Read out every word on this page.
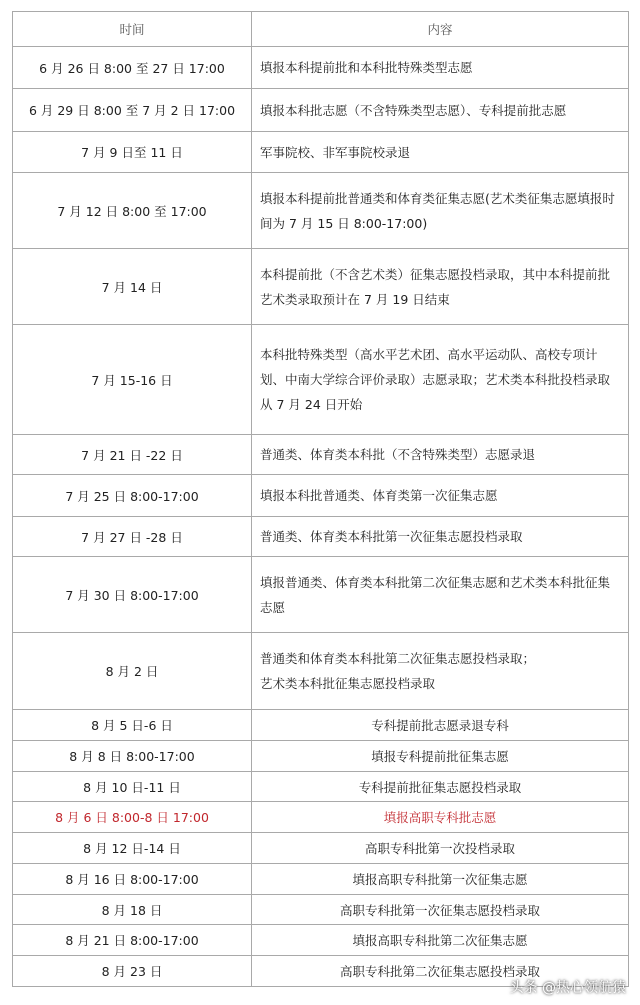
时间	内容
6 月 26 日 8:00 至 27 日 17:00	填报本科提前批和本科批特殊类型志愿
6 月 29 日 8:00 至 7 月 2 日 17:00	填报本科批志愿（不含特殊类型志愿）、专科提前批志愿
7 月 9 日至 11 日	军事院校、非军事院校录退
7 月 12 日 8:00 至 17:00	填报本科提前批普通类和体育类征集志愿(艺术类征集志愿填报时间为 7 月 15 日 8:00-17:00)
7 月 14 日	本科提前批（不含艺术类）征集志愿投档录取，其中本科提前批艺术类录取预计在 7 月 19 日结束
7 月 15-16 日	本科批特殊类型（高水平艺术团、高水平运动队、高校专项计划、中南大学综合评价录取）志愿录取；艺术类本科批投档录取从 7 月 24 日开始
7 月 21 日 -22 日	普通类、体育类本科批（不含特殊类型）志愿录退
7 月 25 日 8:00-17:00	填报本科批普通类、体育类第一次征集志愿
7 月 27 日 -28 日	普通类、体育类本科批第一次征集志愿投档录取
7 月 30 日 8:00-17:00	填报普通类、体育类本科批第二次征集志愿和艺术类本科批征集志愿
8 月 2 日	普通类和体育类本科批第二次征集志愿投档录取；
艺术类本科批征集志愿投档录取

8 月 5 日-6 日	专科提前批志愿录退专科
8 月 8 日 8:00-17:00	填报专科提前批征集志愿
8 月 10 日-11 日	专科提前批征集志愿投档录取
8 月 6 日 8:00-8 日 17:00	填报高职专科批志愿
8 月 12 日-14 日	高职专科批第一次投档录取
8 月 16 日 8:00-17:00	填报高职专科批第一次征集志愿
8 月 18 日	高职专科批第一次征集志愿投档录取
8 月 21 日 8:00-17:00	填报高职专科批第二次征集志愿
8 月 23 日	高职专科批第二次征集志愿投档录取
头条 @热心领航猿
